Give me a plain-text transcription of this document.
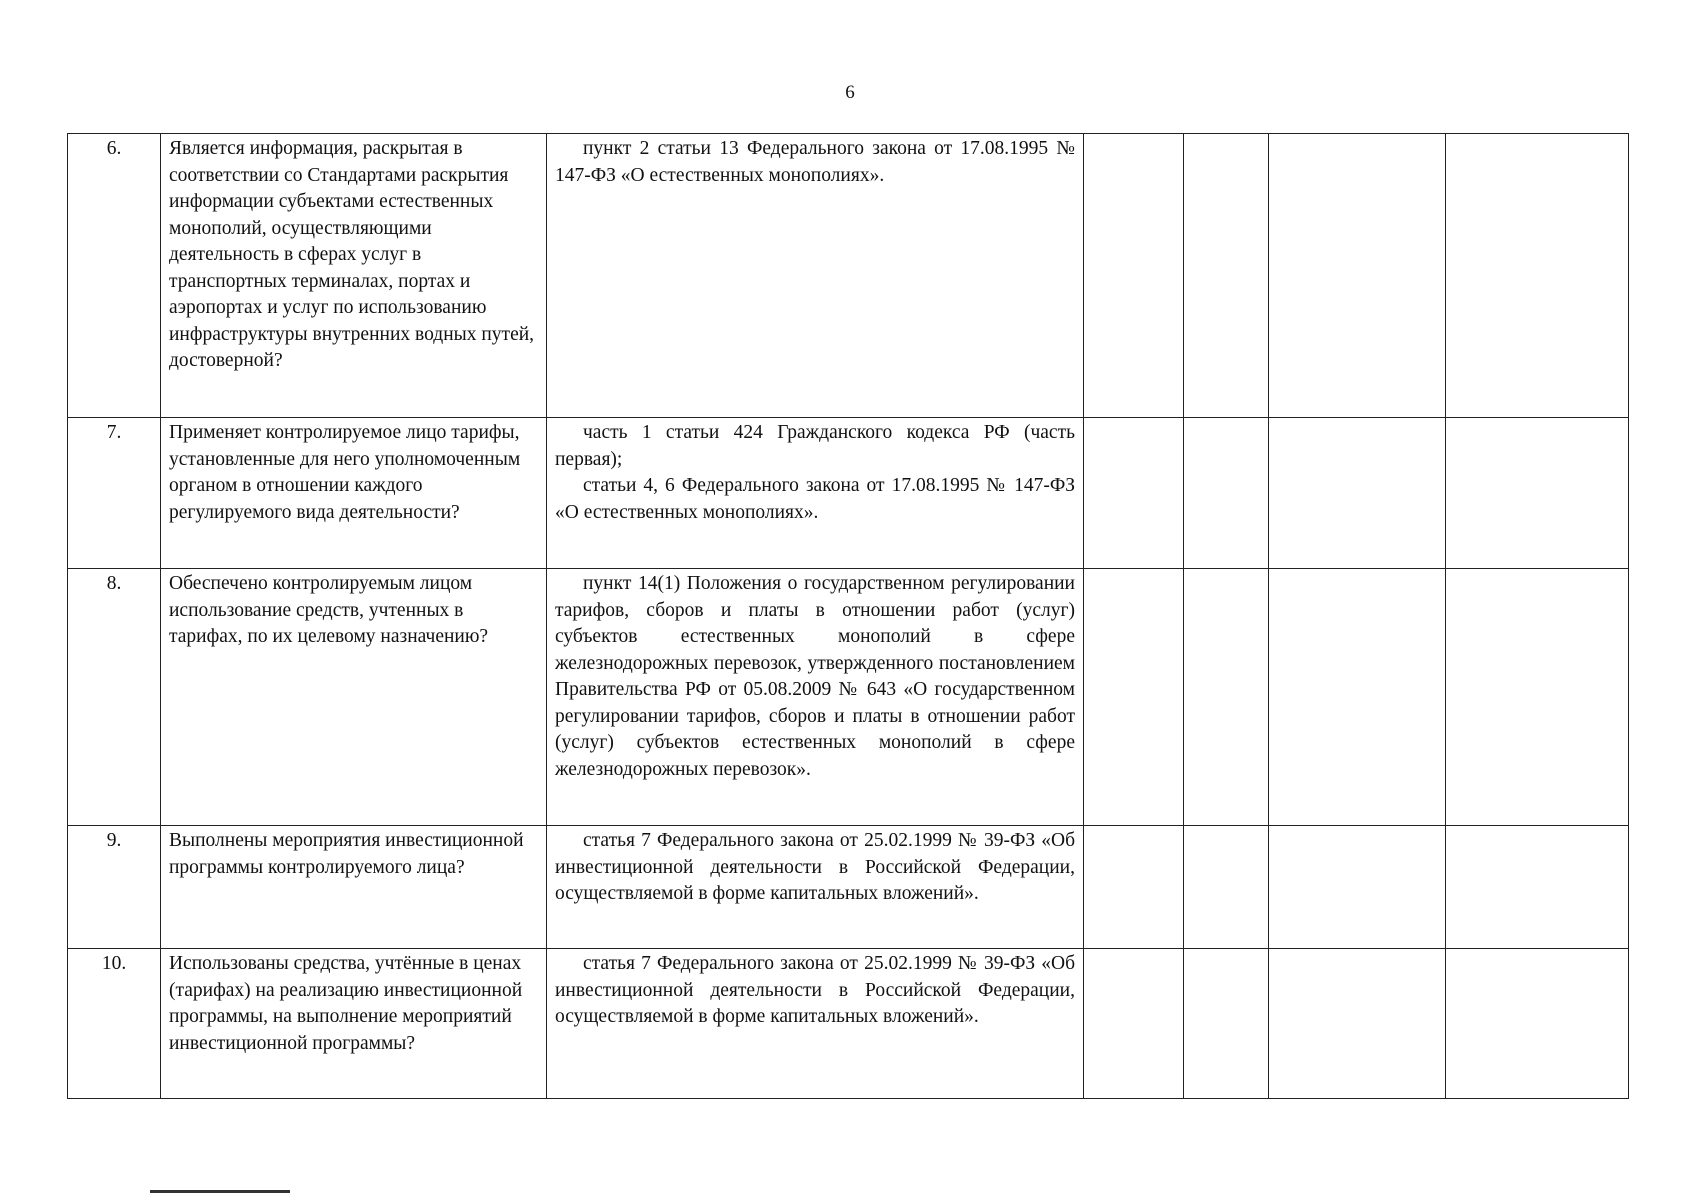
6
6.	Является информация, раскрытая в соответствии со Стандартами раскрытия информации субъектами естественных монополий, осуществляющими деятельность в сферах услуг в транспортных терминалах, портах и аэропортах и услуг по использованию инфраструктуры внутренних водных путей, достоверной?	пункт 2 статьи 13 Федерального закона от 17.08.1995 № 147-ФЗ «О естественных монополиях».				

7.	Применяет контролируемое лицо тарифы, установленные для него уполномоченным органом в отношении каждого регулируемого вида деятельности?	часть 1 статьи 424 Гражданского кодекса РФ (часть первая);

статьи 4, 6 Федерального закона от 17.08.1995 № 147-ФЗ «О естественных монополиях».				

8.	Обеспечено контролируемым лицом использование средств, учтенных в тарифах, по их целевому назначению?	пункт 14(1) Положения о государственном регулировании тарифов, сборов и платы в отношении работ (услуг) субъектов естественных монополий в сфере железнодорожных перевозок, утвержденного постановлением Правительства РФ от 05.08.2009 № 643 «О государственном регулировании тарифов, сборов и платы в отношении работ (услуг) субъектов естественных монополий в сфере железнодорожных перевозок».				

9.	Выполнены мероприятия инвестиционной программы контролируемого лица?	статья 7 Федерального закона от 25.02.1999 № 39-ФЗ «Об инвестиционной деятельности в Российской Федерации, осуществляемой в форме капитальных вложений».				

10.	Использованы средства, учтённые в ценах (тарифах) на реализацию инвестиционной программы, на выполнение мероприятий инвестиционной программы?	статья 7 Федерального закона от 25.02.1999 № 39-ФЗ «Об инвестиционной деятельности в Российской Федерации, осуществляемой в форме капитальных вложений».				
